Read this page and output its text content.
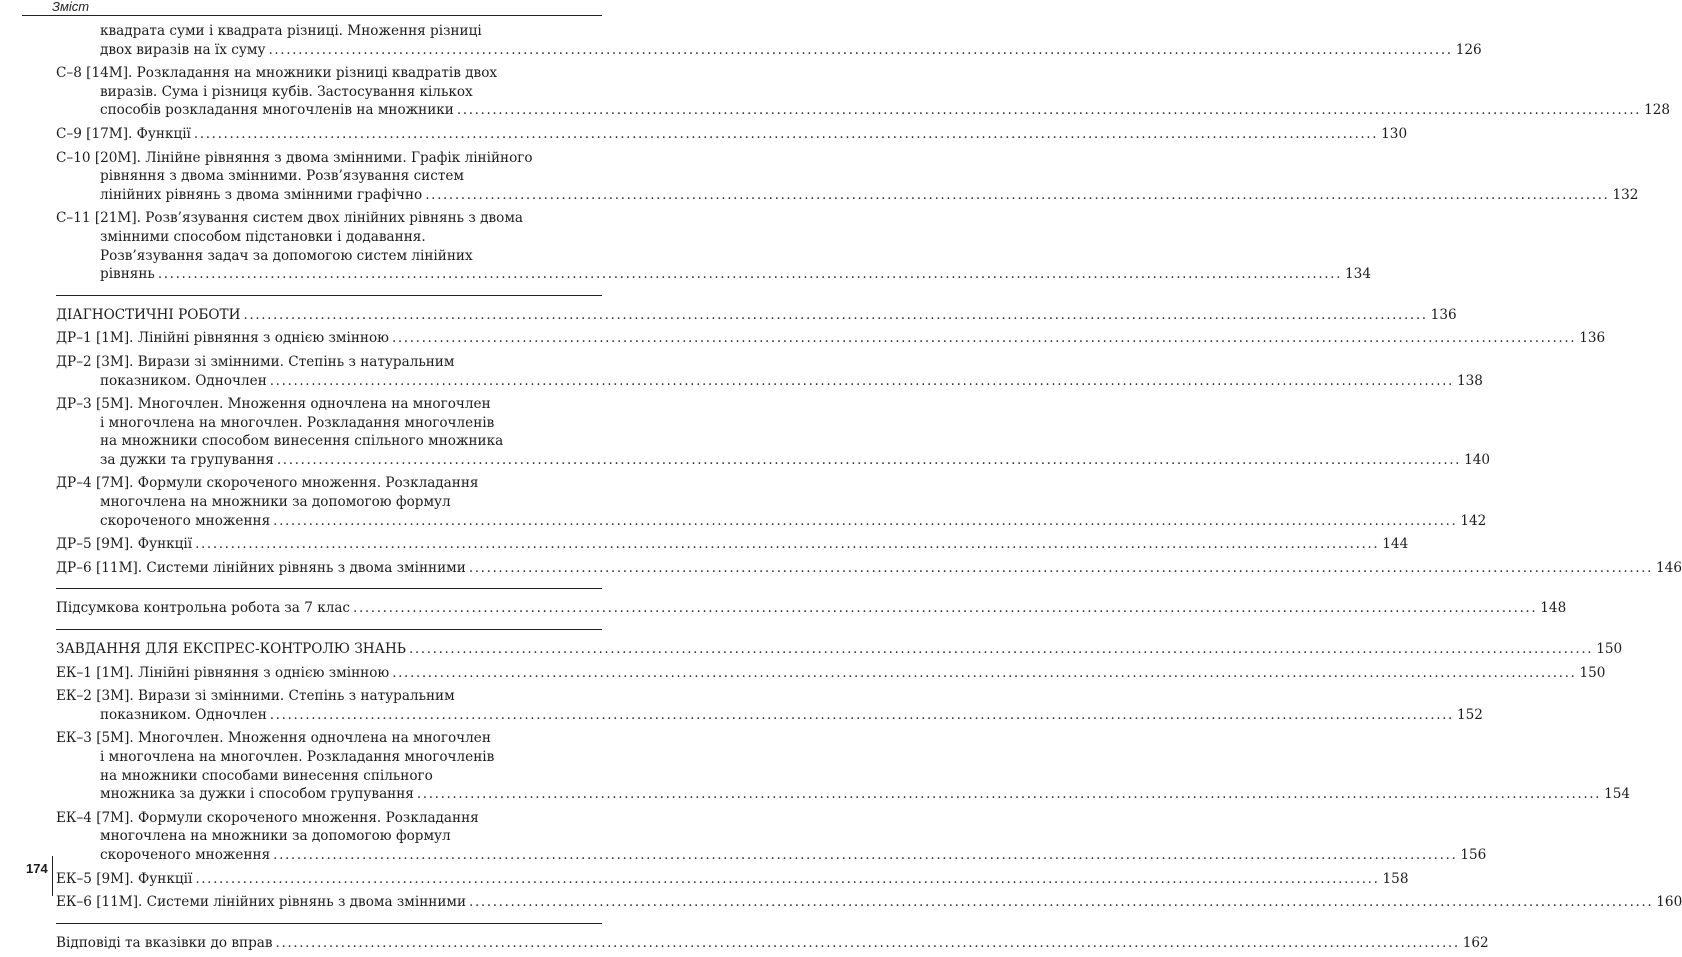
Зміст
квадрата суми і квадрата різниці. Множення різниці
двох виразів на їх суму ........................................................................................................................................................................................................ 126
С–8 [14М]. Розкладання на множники різниці квадратів двох
виразів. Сума і різниця кубів. Застосування кількох
способів розкладання многочленів на множники ........................................................................................................................................................................................................ 128
С–9 [17М]. Функції ........................................................................................................................................................................................................ 130
С–10 [20М]. Лінійне рівняння з двома змінними. Графік лінійного
рівняння з двома змінними. Розв’язування систем
лінійних рівнянь з двома змінними графічно ........................................................................................................................................................................................................ 132
С–11 [21М]. Розв’язування систем двох лінійних рівнянь з двома
змінними способом підстановки і додавання.
Розв’язування задач за допомогою систем лінійних
рівнянь ........................................................................................................................................................................................................ 134
ДІАГНОСТИЧНІ РОБОТИ ........................................................................................................................................................................................................ 136
ДР–1 [1М]. Лінійні рівняння з однією змінною ........................................................................................................................................................................................................ 136
ДР–2 [3М]. Вирази зі змінними. Степінь з натуральним
показником. Одночлен ........................................................................................................................................................................................................ 138
ДР–3 [5М]. Многочлен. Множення одночлена на многочлен
і многочлена на многочлен. Розкладання многочленів
на множники способом винесення спільного множника
за дужки та групування ........................................................................................................................................................................................................ 140
ДР–4 [7М]. Формули скороченого множення. Розкладання
многочлена на множники за допомогою формул
скороченого множення ........................................................................................................................................................................................................ 142
ДР–5 [9М]. Функції ........................................................................................................................................................................................................ 144
ДР–6 [11М]. Системи лінійних рівнянь з двома змінними ........................................................................................................................................................................................................ 146
Підсумкова контрольна робота за 7 клас ........................................................................................................................................................................................................ 148
ЗАВДАННЯ ДЛЯ ЕКСПРЕС-КОНТРОЛЮ ЗНАНЬ ........................................................................................................................................................................................................ 150
ЕК–1 [1М]. Лінійні рівняння з однією змінною ........................................................................................................................................................................................................ 150
ЕК–2 [3М]. Вирази зі змінними. Степінь з натуральним
показником. Одночлен ........................................................................................................................................................................................................ 152
ЕК–3 [5М]. Многочлен. Множення одночлена на многочлен
і многочлена на многочлен. Розкладання многочленів
на множники способами винесення спільного
множника за дужки і способом групування ........................................................................................................................................................................................................ 154
ЕК–4 [7М]. Формули скороченого множення. Розкладання
многочлена на множники за допомогою формул
скороченого множення ........................................................................................................................................................................................................ 156
ЕК–5 [9М]. Функції ........................................................................................................................................................................................................ 158
ЕК–6 [11М]. Системи лінійних рівнянь з двома змінними ........................................................................................................................................................................................................ 160
Відповіді та вказівки до вправ ........................................................................................................................................................................................................ 162
174
